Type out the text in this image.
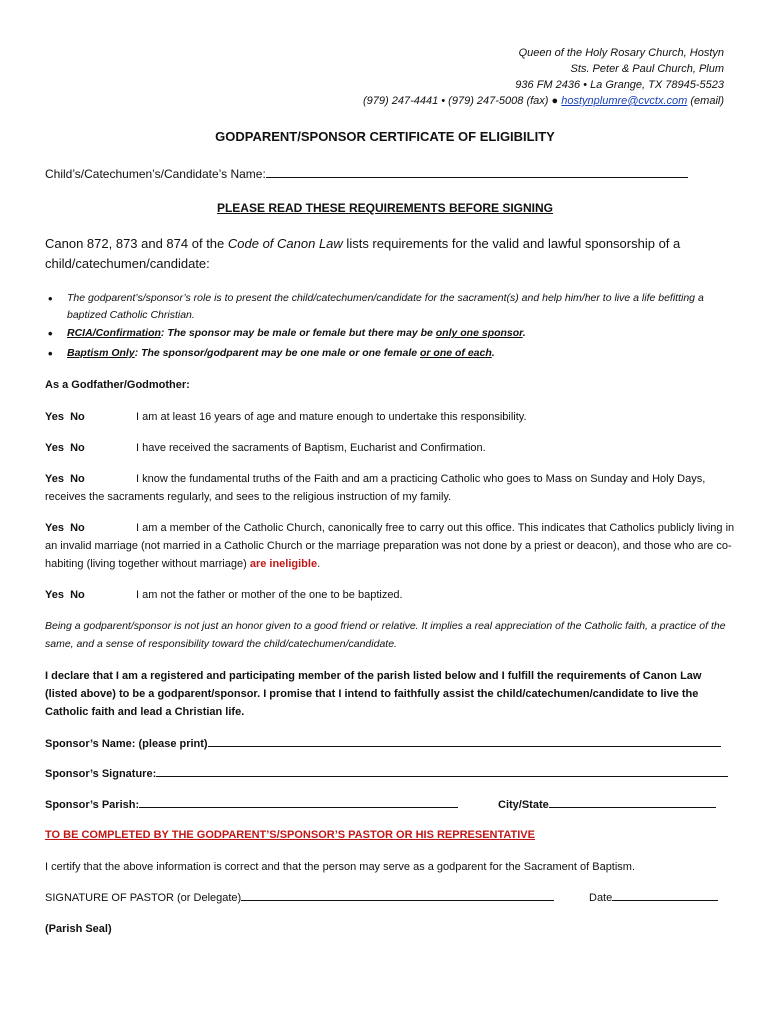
Queen of the Holy Rosary Church, Hostyn
Sts. Peter & Paul Church, Plum
936 FM 2436 • La Grange, TX 78945-5523
(979) 247-4441 • (979) 247-5008 (fax) ● hostynplumre@cvctx.com (email)
GODPARENT/SPONSOR CERTIFICATE OF ELIGIBILITY
Child’s/Catechumen’s/Candidate’s Name:
PLEASE READ THESE REQUIREMENTS BEFORE SIGNING
Canon 872, 873 and 874 of the Code of Canon Law lists requirements for the valid and lawful sponsorship of a child/catechumen/candidate:
• The godparent’s/sponsor’s role is to present the child/catechumen/candidate for the sacrament(s) and help him/her to live a life befitting a baptized Catholic Christian.
• RCIA/Confirmation: The sponsor may be male or female but there may be only one sponsor.
• Baptism Only: The sponsor/godparent may be one male or one female or one of each.
As a Godfather/Godmother:
Yes No	I am at least 16 years of age and mature enough to undertake this responsibility.
Yes No	I have received the sacraments of Baptism, Eucharist and Confirmation.
Yes No	I know the fundamental truths of the Faith and am a practicing Catholic who goes to Mass on Sunday and Holy Days, receives the sacraments regularly, and sees to the religious instruction of my family.
Yes No	I am a member of the Catholic Church, canonically free to carry out this office. This indicates that Catholics publicly living in an invalid marriage (not married in a Catholic Church or the marriage preparation was not done by a priest or deacon), and those who are co-habiting (living together without marriage) are ineligible.
Yes No	I am not the father or mother of the one to be baptized.
Being a godparent/sponsor is not just an honor given to a good friend or relative. It implies a real appreciation of the Catholic faith, a practice of the same, and a sense of responsibility toward the child/catechumen/candidate.
I declare that I am a registered and participating member of the parish listed below and I fulfill the requirements of Canon Law (listed above) to be a godparent/sponsor. I promise that I intend to faithfully assist the child/catechumen/candidate to live the Catholic faith and lead a Christian life.
Sponsor’s Name: (please print)
Sponsor’s Signature:
Sponsor’s Parish:	City/State
TO BE COMPLETED BY THE GODPARENT’S/SPONSOR’S PASTOR OR HIS REPRESENTATIVE
I certify that the above information is correct and that the person may serve as a godparent for the Sacrament of Baptism.
SIGNATURE OF PASTOR (or Delegate)	Date
(Parish Seal)
